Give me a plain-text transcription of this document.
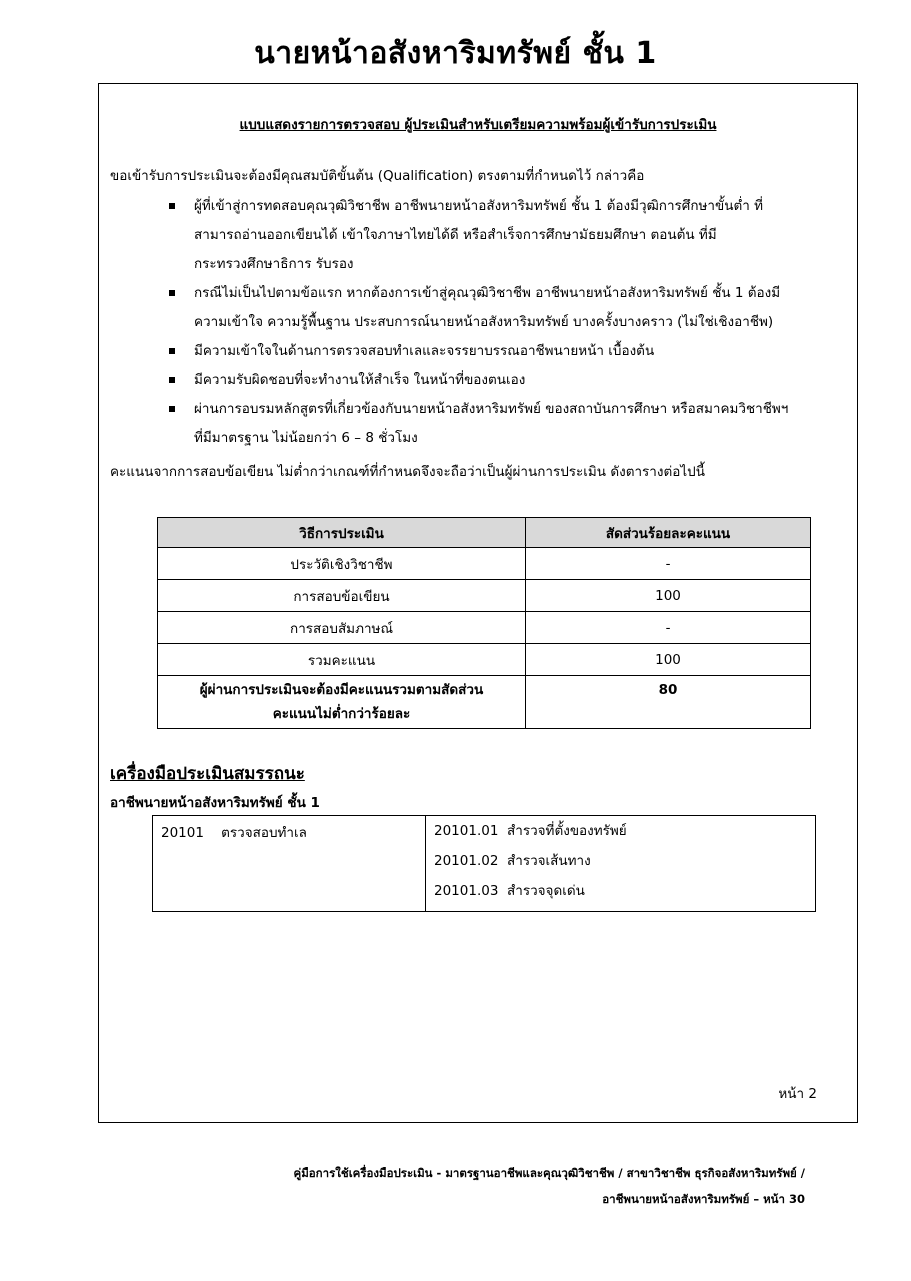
นายหน้าอสังหาริมทรัพย์ ชั้น 1
แบบแสดงรายการตรวจสอบ ผู้ประเมินสำหรับเตรียมความพร้อมผู้เข้ารับการประเมิน
ขอเข้ารับการประเมินจะต้องมีคุณสมบัติขั้นต้น (Qualification) ตรงตามที่กำหนดไว้ กล่าวคือ
ผู้ที่เข้าสู่การทดสอบคุณวุฒิวิชาชีพ อาชีพนายหน้าอสังหาริมทรัพย์ ชั้น 1 ต้องมีวุฒิการศึกษาขั้นต่ำ ที่
สามารถอ่านออกเขียนได้ เข้าใจภาษาไทยได้ดี หรือสำเร็จการศึกษามัธยมศึกษา ตอนต้น ที่มี
กระทรวงศึกษาธิการ รับรอง
กรณีไม่เป็นไปตามข้อแรก หากต้องการเข้าสู่คุณวุฒิวิชาชีพ อาชีพนายหน้าอสังหาริมทรัพย์ ชั้น 1 ต้องมี
ความเข้าใจ ความรู้พื้นฐาน ประสบการณ์นายหน้าอสังหาริมทรัพย์ บางครั้งบางคราว (ไม่ใช่เชิงอาชีพ)
มีความเข้าใจในด้านการตรวจสอบทำเลและจรรยาบรรณอาชีพนายหน้า เบื้องต้น
มีความรับผิดชอบที่จะทำงานให้สำเร็จ ในหน้าที่ของตนเอง
ผ่านการอบรมหลักสูตรที่เกี่ยวข้องกับนายหน้าอสังหาริมทรัพย์ ของสถาบันการศึกษา หรือสมาคมวิชาชีพฯ
ที่มีมาตรฐาน ไม่น้อยกว่า 6 – 8 ชั่วโมง
คะแนนจากการสอบข้อเขียน ไม่ต่ำกว่าเกณฑ์ที่กำหนดจึงจะถือว่าเป็นผู้ผ่านการประเมิน ดังตารางต่อไปนี้
วิธีการประเมิน	สัดส่วนร้อยละคะแนน
ประวัติเชิงวิชาชีพ	-
การสอบข้อเขียน	100
การสอบสัมภาษณ์	-
รวมคะแนน	100

ผู้ผ่านการประเมินจะต้องมีคะแนนรวมตามสัดส่วน
คะแนนไม่ต่ำกว่าร้อยละ	80
เครื่องมือประเมินสมรรถนะ
อาชีพนายหน้าอสังหาริมทรัพย์ ชั้น 1
20101    ตรวจสอบทำเล	20101.01  สำรวจที่ตั้งของทรัพย์
20101.02  สำรวจเส้นทาง
20101.03  สำรวจจุดเด่น
หน้า 2
คู่มือการใช้เครื่องมือประเมิน - มาตรฐานอาชีพและคุณวุฒิวิชาชีพ / สาขาวิชาชีพ ธุรกิจอสังหาริมทรัพย์ /
อาชีพนายหน้าอสังหาริมทรัพย์ – หน้า 30
